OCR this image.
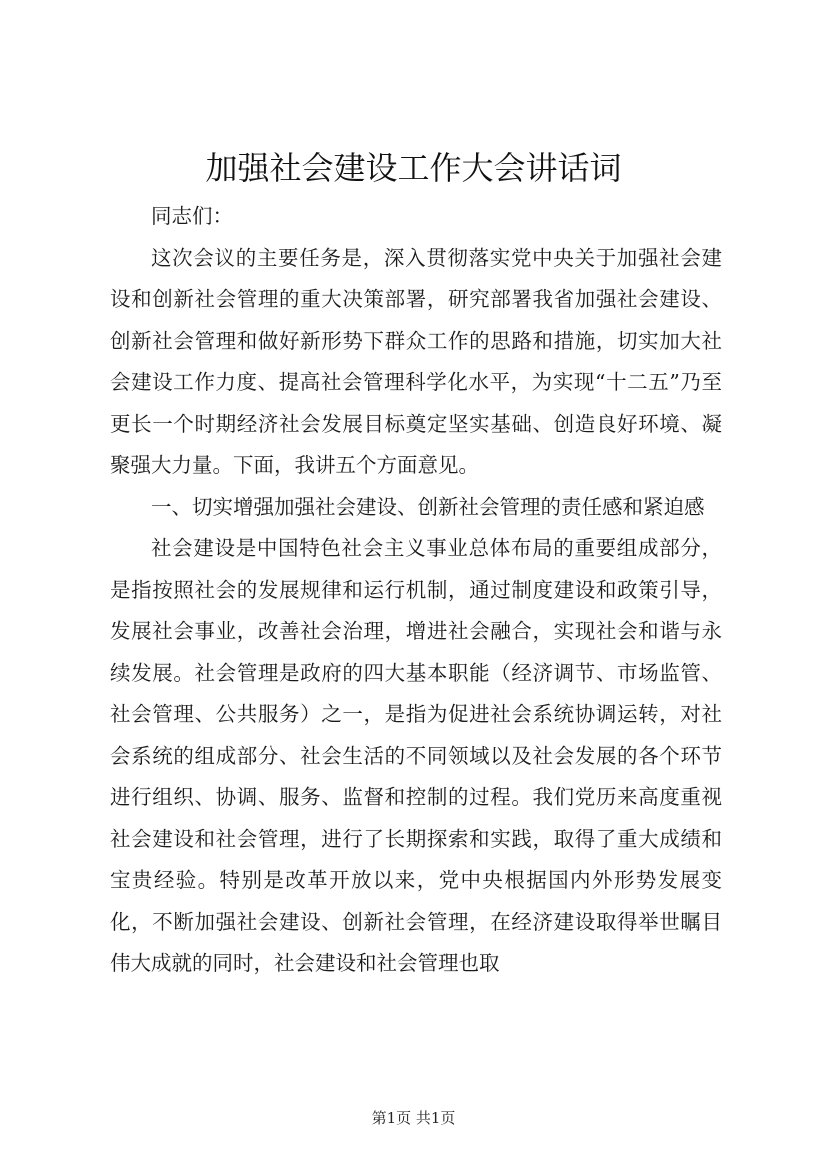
加强社会建设工作大会讲话词

同志们：

这次会议的主要任务是，深入贯彻落实党中央关于加强社会建设和创新社会管理的重大决策部署，研究部署我省加强社会建设、创新社会管理和做好新形势下群众工作的思路和措施，切实加大社会建设工作力度、提高社会管理科学化水平，为实现“十二五”乃至更长一个时期经济社会发展目标奠定坚实基础、创造良好环境、凝聚强大力量。下面，我讲五个方面意见。

一、切实增强加强社会建设、创新社会管理的责任感和紧迫感

社会建设是中国特色社会主义事业总体布局的重要组成部分，是指按照社会的发展规律和运行机制，通过制度建设和政策引导，发展社会事业，改善社会治理，增进社会融合，实现社会和谐与永续发展。社会管理是政府的四大基本职能（经济调节、市场监管、社会管理、公共服务）之一，是指为促进社会系统协调运转，对社会系统的组成部分、社会生活的不同领域以及社会发展的各个环节进行组织、协调、服务、监督和控制的过程。我们党历来高度重视社会建设和社会管理，进行了长期探索和实践，取得了重大成绩和宝贵经验。特别是改革开放以来，党中央根据国内外形势发展变化，不断加强社会建设、创新社会管理，在经济建设取得举世瞩目伟大成就的同时，社会建设和社会管理也取

第1页 共1页
